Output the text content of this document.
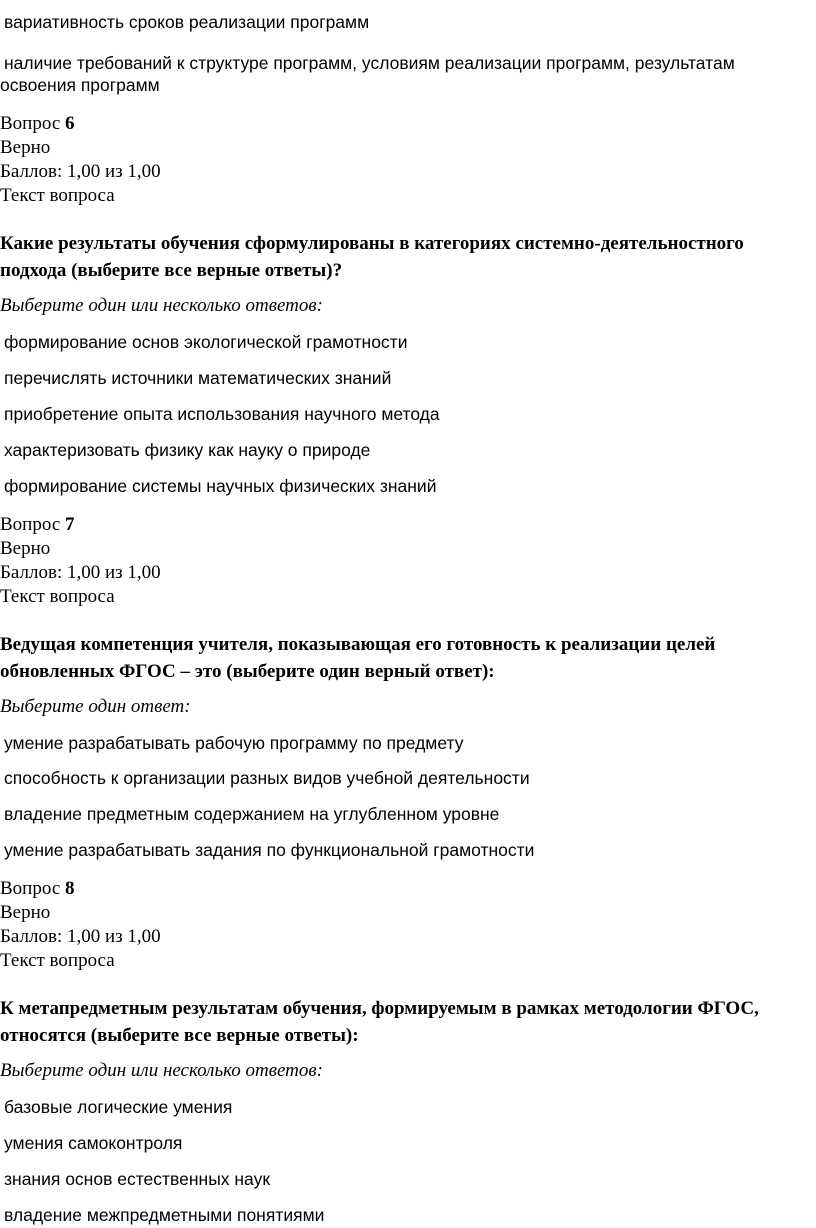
вариативность сроков реализации программ
наличие требований к структуре программ, условиям реализации программ, результатам освоения программ
Вопрос 6
Верно
Баллов: 1,00 из 1,00
Текст вопроса
Какие результаты обучения сформулированы в категориях системно-деятельностного подхода (выберите все верные ответы)?
Выберите один или несколько ответов:
формирование основ экологической грамотности
перечислять источники математических знаний
приобретение опыта использования научного метода
характеризовать физику как науку о природе
формирование системы научных физических знаний
Вопрос 7
Верно
Баллов: 1,00 из 1,00
Текст вопроса
Ведущая компетенция учителя, показывающая его готовность к реализации целей обновленных ФГОС – это (выберите один верный ответ):
Выберите один ответ:
умение разрабатывать рабочую программу по предмету
способность к организации разных видов учебной деятельности
владение предметным содержанием на углубленном уровне
умение разрабатывать задания по функциональной грамотности
Вопрос 8
Верно
Баллов: 1,00 из 1,00
Текст вопроса
К метапредметным результатам обучения, формируемым в рамках методологии ФГОС, относятся (выберите все верные ответы):
Выберите один или несколько ответов:
базовые логические умения
умения самоконтроля
знания основ естественных наук
владение межпредметными понятиями
